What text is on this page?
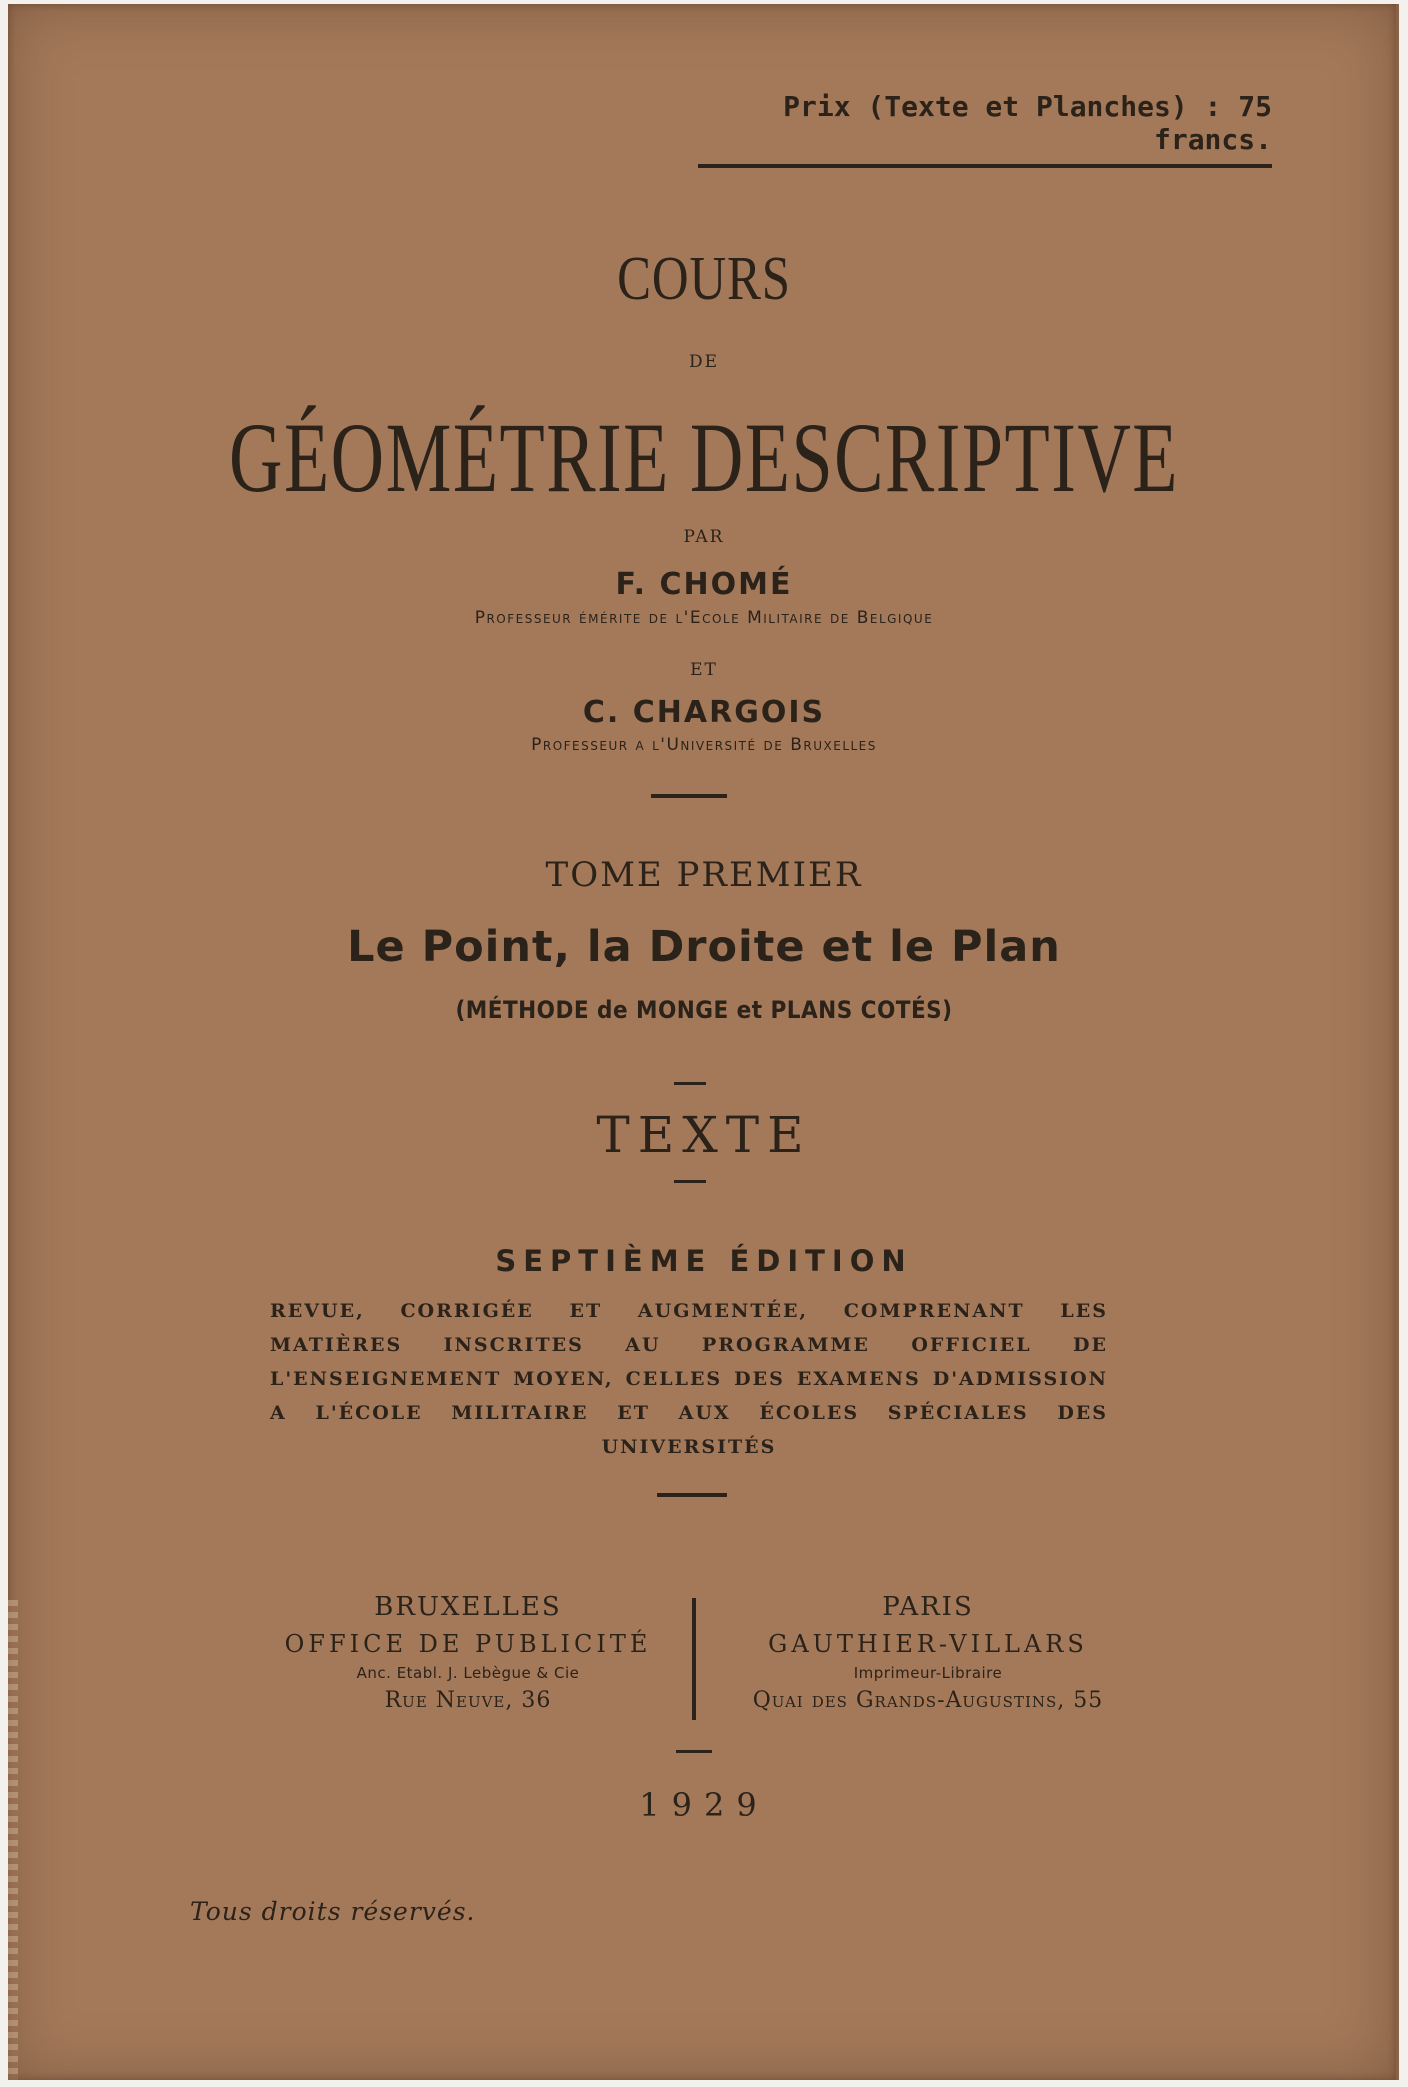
Prix (Texte et Planches) : 75 francs.
COURS
DE
GÉOMÉTRIE DESCRIPTIVE
PAR
F. CHOMÉ
Professeur émérite de l'Ecole Militaire de Belgique
ET
C. CHARGOIS
Professeur a l'Université de Bruxelles
TOME PREMIER
Le Point, la Droite et le Plan
(MÉTHODE de MONGE et PLANS COTÉS)
TEXTE
SEPTIÈME ÉDITION
REVUE, CORRIGÉE ET AUGMENTÉE, COMPRENANT LES MATIÈRES INSCRITES AU PROGRAMME OFFICIEL DE L'ENSEIGNEMENT MOYEN, CELLES DES EXAMENS D'ADMISSION A L'ÉCOLE MILITAIRE ET AUX ÉCOLES SPÉCIALES DES UNIVERSITÉS
BRUXELLES
OFFICE DE PUBLICITÉ
Anc. Etabl. J. Lebègue & Cie
Rue Neuve, 36
PARIS
GAUTHIER-VILLARS
Imprimeur-Libraire
Quai des Grands-Augustins, 55
1929
Tous droits réservés.
